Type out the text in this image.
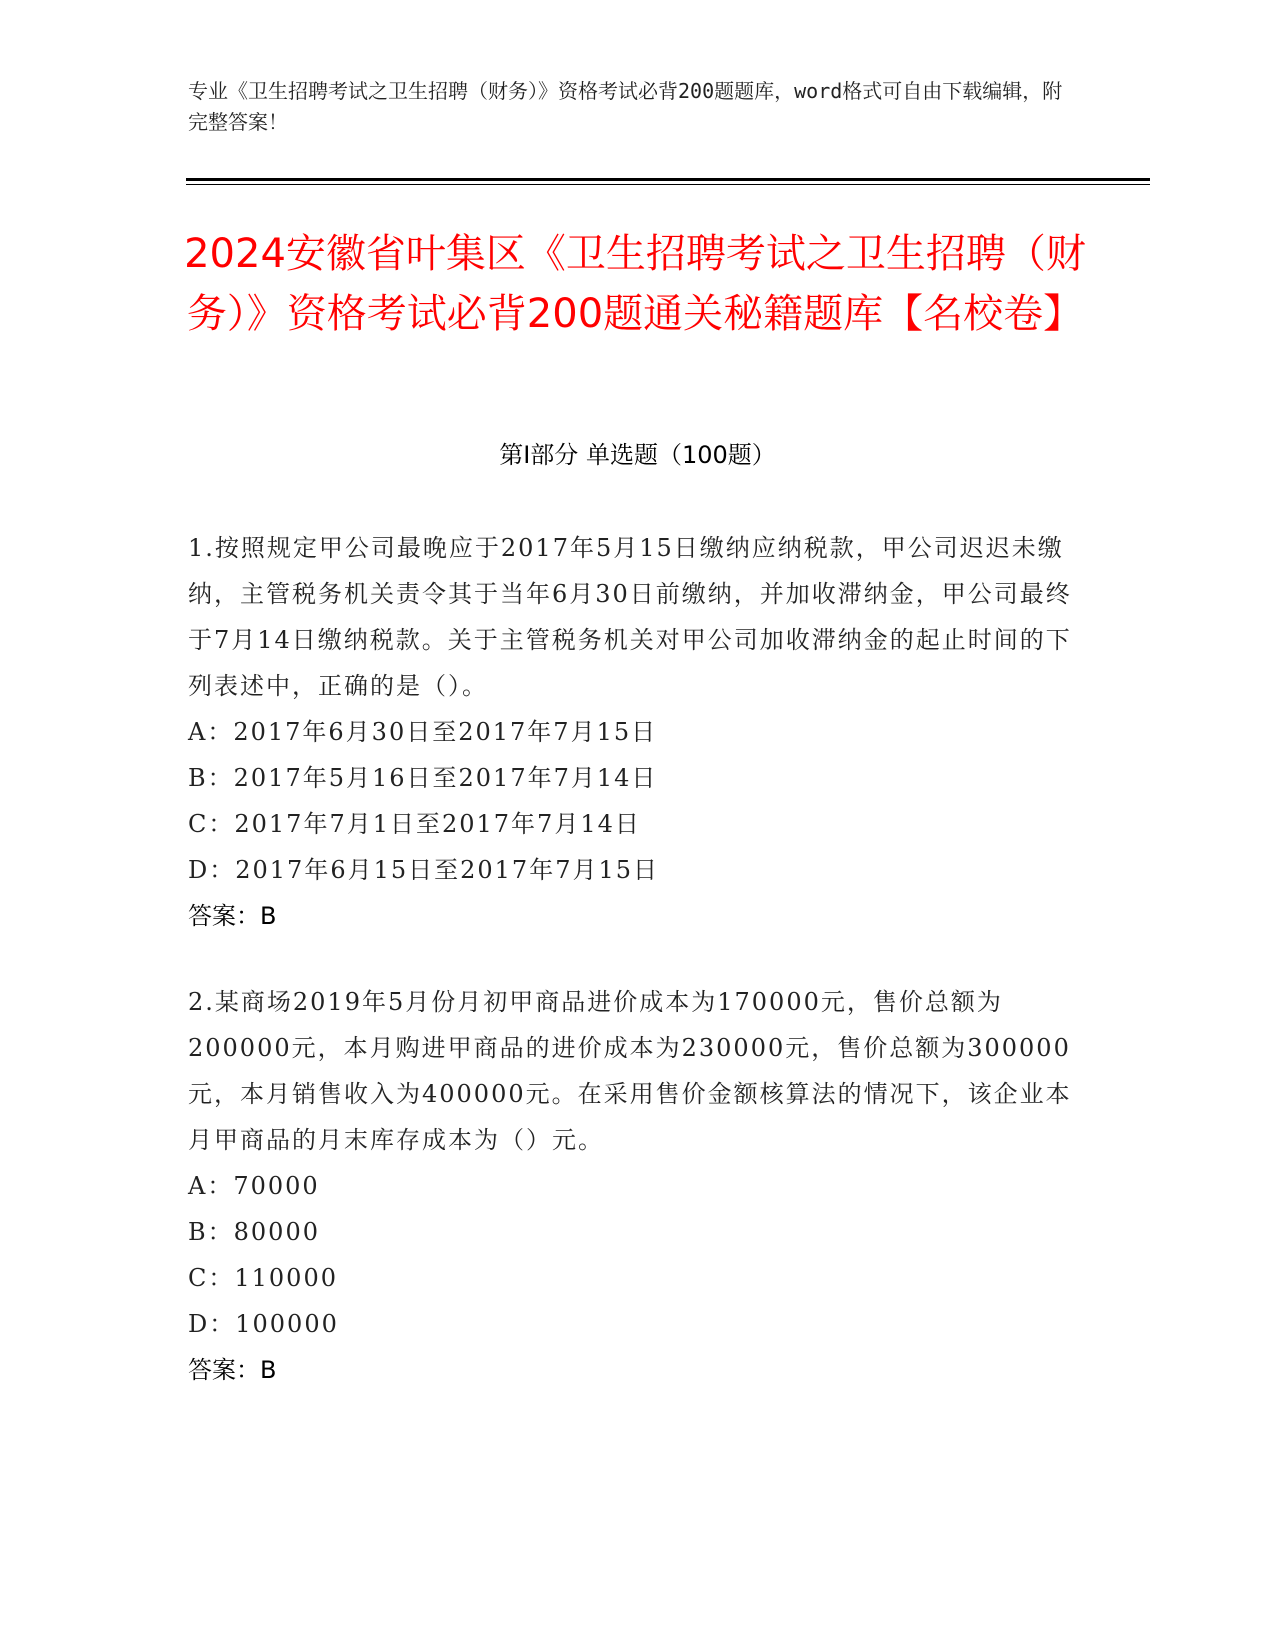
专业《卫生招聘考试之卫生招聘（财务）》资格考试必背200题题库，word格式可自由下载编辑，附完整答案！
2024安徽省叶集区《卫生招聘考试之卫生招聘（财务）》资格考试必背200题通关秘籍题库【名校卷】
第Ⅰ部分 单选题（100题）

1.按照规定甲公司最晚应于2017年5月15日缴纳应纳税款，甲公司迟迟未缴纳，主管税务机关责令其于当年6月30日前缴纳，并加收滞纳金，甲公司最终于7月14日缴纳税款。关于主管税务机关对甲公司加收滞纳金的起止时间的下列表述中，正确的是（）。

A：2017年6月30日至2017年7月15日

B：2017年5月16日至2017年7月14日

C：2017年7月1日至2017年7月14日

D：2017年6月15日至2017年7月15日

答案：B

2.某商场2019年5月份月初甲商品进价成本为170000元，售价总额为200000元，本月购进甲商品的进价成本为230000元，售价总额为300000元，本月销售收入为400000元。在采用售价金额核算法的情况下，该企业本月甲商品的月末库存成本为（）元。

A：70000

B：80000

C：110000

D：100000

答案：B
